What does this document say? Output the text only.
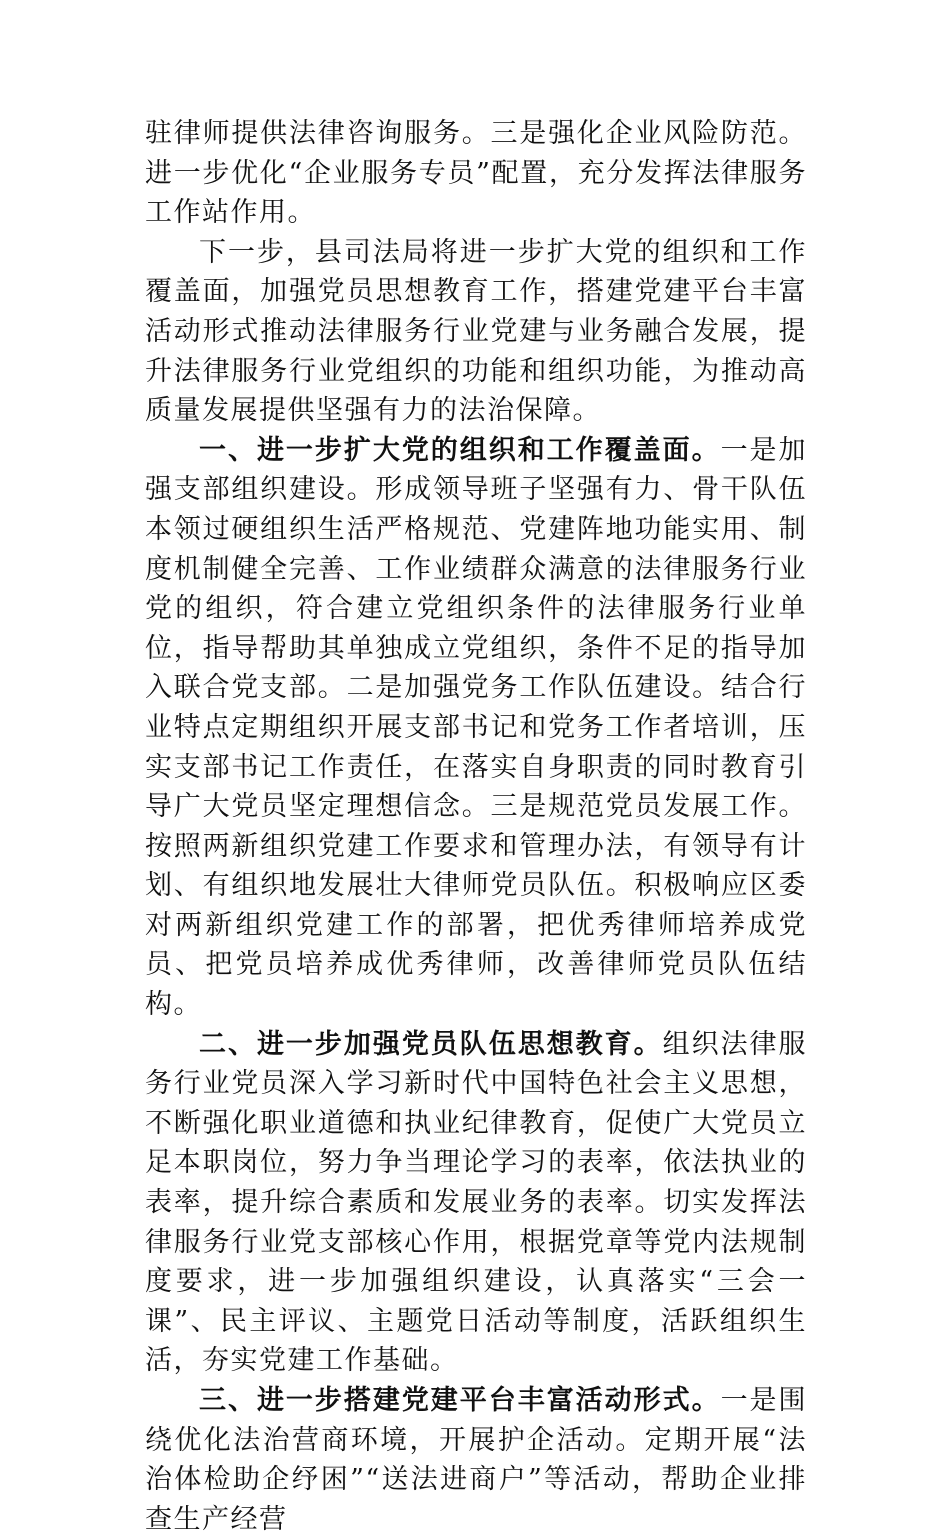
驻律师提供法律咨询服务。三是强化企业风险防范。进一步优化“企业服务专员”配置，充分发挥法律服务工作站作用。

下一步，县司法局将进一步扩大党的组织和工作覆盖面，加强党员思想教育工作，搭建党建平台丰富活动形式推动法律服务行业党建与业务融合发展，提升法律服务行业党组织的功能和组织功能，为推动高质量发展提供坚强有力的法治保障。

一、进一步扩大党的组织和工作覆盖面。一是加强支部组织建设。形成领导班子坚强有力、骨干队伍本领过硬组织生活严格规范、党建阵地功能实用、制度机制健全完善、工作业绩群众满意的法律服务行业党的组织，符合建立党组织条件的法律服务行业单位，指导帮助其单独成立党组织，条件不足的指导加入联合党支部。二是加强党务工作队伍建设。结合行业特点定期组织开展支部书记和党务工作者培训，压实支部书记工作责任，在落实自身职责的同时教育引导广大党员坚定理想信念。三是规范党员发展工作。按照两新组织党建工作要求和管理办法，有领导有计划、有组织地发展壮大律师党员队伍。积极响应区委对两新组织党建工作的部署，把优秀律师培养成党员、把党员培养成优秀律师，改善律师党员队伍结构。

二、进一步加强党员队伍思想教育。组织法律服务行业党员深入学习新时代中国特色社会主义思想，不断强化职业道德和执业纪律教育，促使广大党员立足本职岗位，努力争当理论学习的表率，依法执业的表率，提升综合素质和发展业务的表率。切实发挥法律服务行业党支部核心作用，根据党章等党内法规制度要求，进一步加强组织建设，认真落实“三会一课”、民主评议、主题党日活动等制度，活跃组织生活，夯实党建工作基础。

三、进一步搭建党建平台丰富活动形式。一是围绕优化法治营商环境，开展护企活动。定期开展“法治体检助企纾困”“送法进商户”等活动，帮助企业排查生产经营
